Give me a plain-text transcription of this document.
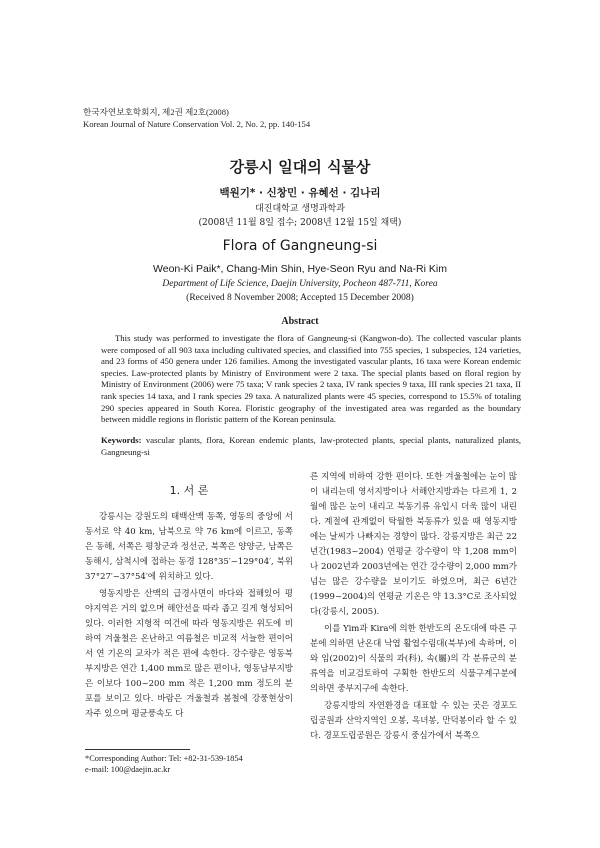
한국자연보호학회지, 제2권 제2호(2008)
Korean Journal of Nature Conservation Vol. 2, No. 2, pp. 140-154
강릉시 일대의 식물상
백원기* · 신창민 · 유혜선 · 김나리
대진대학교 생명과학과
(2008년 11월 8일 접수; 2008년 12월 15일 채택)
Flora of Gangneung-si
Weon-Ki Paik*, Chang-Min Shin, Hye-Seon Ryu and Na-Ri Kim
Department of Life Science, Daejin University, Pocheon 487-711, Korea
(Received 8 November 2008; Accepted 15 December 2008)
Abstract

This study was performed to investigate the flora of Gangneung-si (Kangwon-do). The collected vascular plants were composed of all 903 taxa including cultivated species, and classified into 755 species, 1 subspecies, 124 varieties, and 23 forms of 450 genera under 126 families. Among the investigated vascular plants, 16 taxa were Korean endemic species. Law-protected plants by Ministry of Environment were 2 taxa. The special plants based on floral region by Ministry of Environment (2006) were 75 taxa; V rank species 2 taxa, IV rank species 9 taxa, III rank species 21 taxa, II rank species 14 taxa, and I rank species 29 taxa. A naturalized plants were 45 species, correspond to 15.5% of totaling 290 species appeared in South Korea. Floristic geography of the investigated area was regarded as the boundary between middle regions in floristic pattern of the Korean peninsula.

Keywords: vascular plants, flora, Korean endemic plants, law-protected plants, special plants, naturalized plants, Gangneung-si

1. 서 론

강릉시는 강원도의 태백산맥 동쪽, 영동의 중앙에 서 동서로 약 40 km, 남북으로 약 76 km에 이르고, 동쪽은 동해, 서쪽은 평창군과 정선군, 북쪽은 양양군, 남쪽은 동해시, 삼척시에 접하는 동경 128°35′~129°04′, 북위 37°27′~37°54′에 위치하고 있다.

영동지방은 산맥의 급경사면이 바다와 접해있어 평야지역은 거의 없으며 해안선을 따라 좁고 길게 형성되어 있다. 이러한 지형적 여건에 따라 영동지방은 위도에 비하여 겨울철은 온난하고 여름철은 비교적 서늘한 편이어서 연 기온의 교차가 적은 편에 속한다. 강수량은 영동북부지방은 연간 1,400 mm로 많은 편이나, 영동남부지방은 이보다 100~200 mm 적은 1,200 mm 정도의 분포를 보이고 있다. 바람은 겨울철과 봄철에 강풍현상이 자주 있으며 평균풍속도 다

른 지역에 비하여 강한 편이다. 또한 겨울철에는 눈이 많이 내리는데 영서지방이나 서해안지방과는 다르게 1, 2월에 많은 눈이 내리고 북동기류 유입시 더욱 많이 내린다. 계절에 관계없이 탁월한 북동류가 있을 때 영동지방에는 날씨가 나빠지는 경향이 많다. 강릉지방은 최근 22년간(1983~2004) 연평균 강수량이 약 1,208 mm이나 2002년과 2003년에는 연간 강수량이 2,000 mm가 넘는 많은 강수량을 보이기도 하였으며, 최근 6년간(1999~2004)의 연평균 기온은 약 13.3°C로 조사되었다(강릉시, 2005).

이를 Yim과 Kira에 의한 한반도의 온도대에 따른 구분에 의하면 난온대 낙엽 활엽수림대(북부)에 속하며, 이와 임(2002)이 식물의 과(科), 속(屬)의 각 분류군의 분류역을 비교검토하여 구획한 한반도의 식물구계구분에 의하면 중부지구에 속한다.

강릉지방의 자연환경을 대표할 수 있는 곳은 경포도립공원과 산악지역인 오봉, 옥녀봉, 만덕봉이라 할 수 있다. 경포도립공원은 강릉시 중심가에서 북쪽으

*Corresponding Author: Tel: +82-31-539-1854
e-mail: 100@daejin.ac.kr
